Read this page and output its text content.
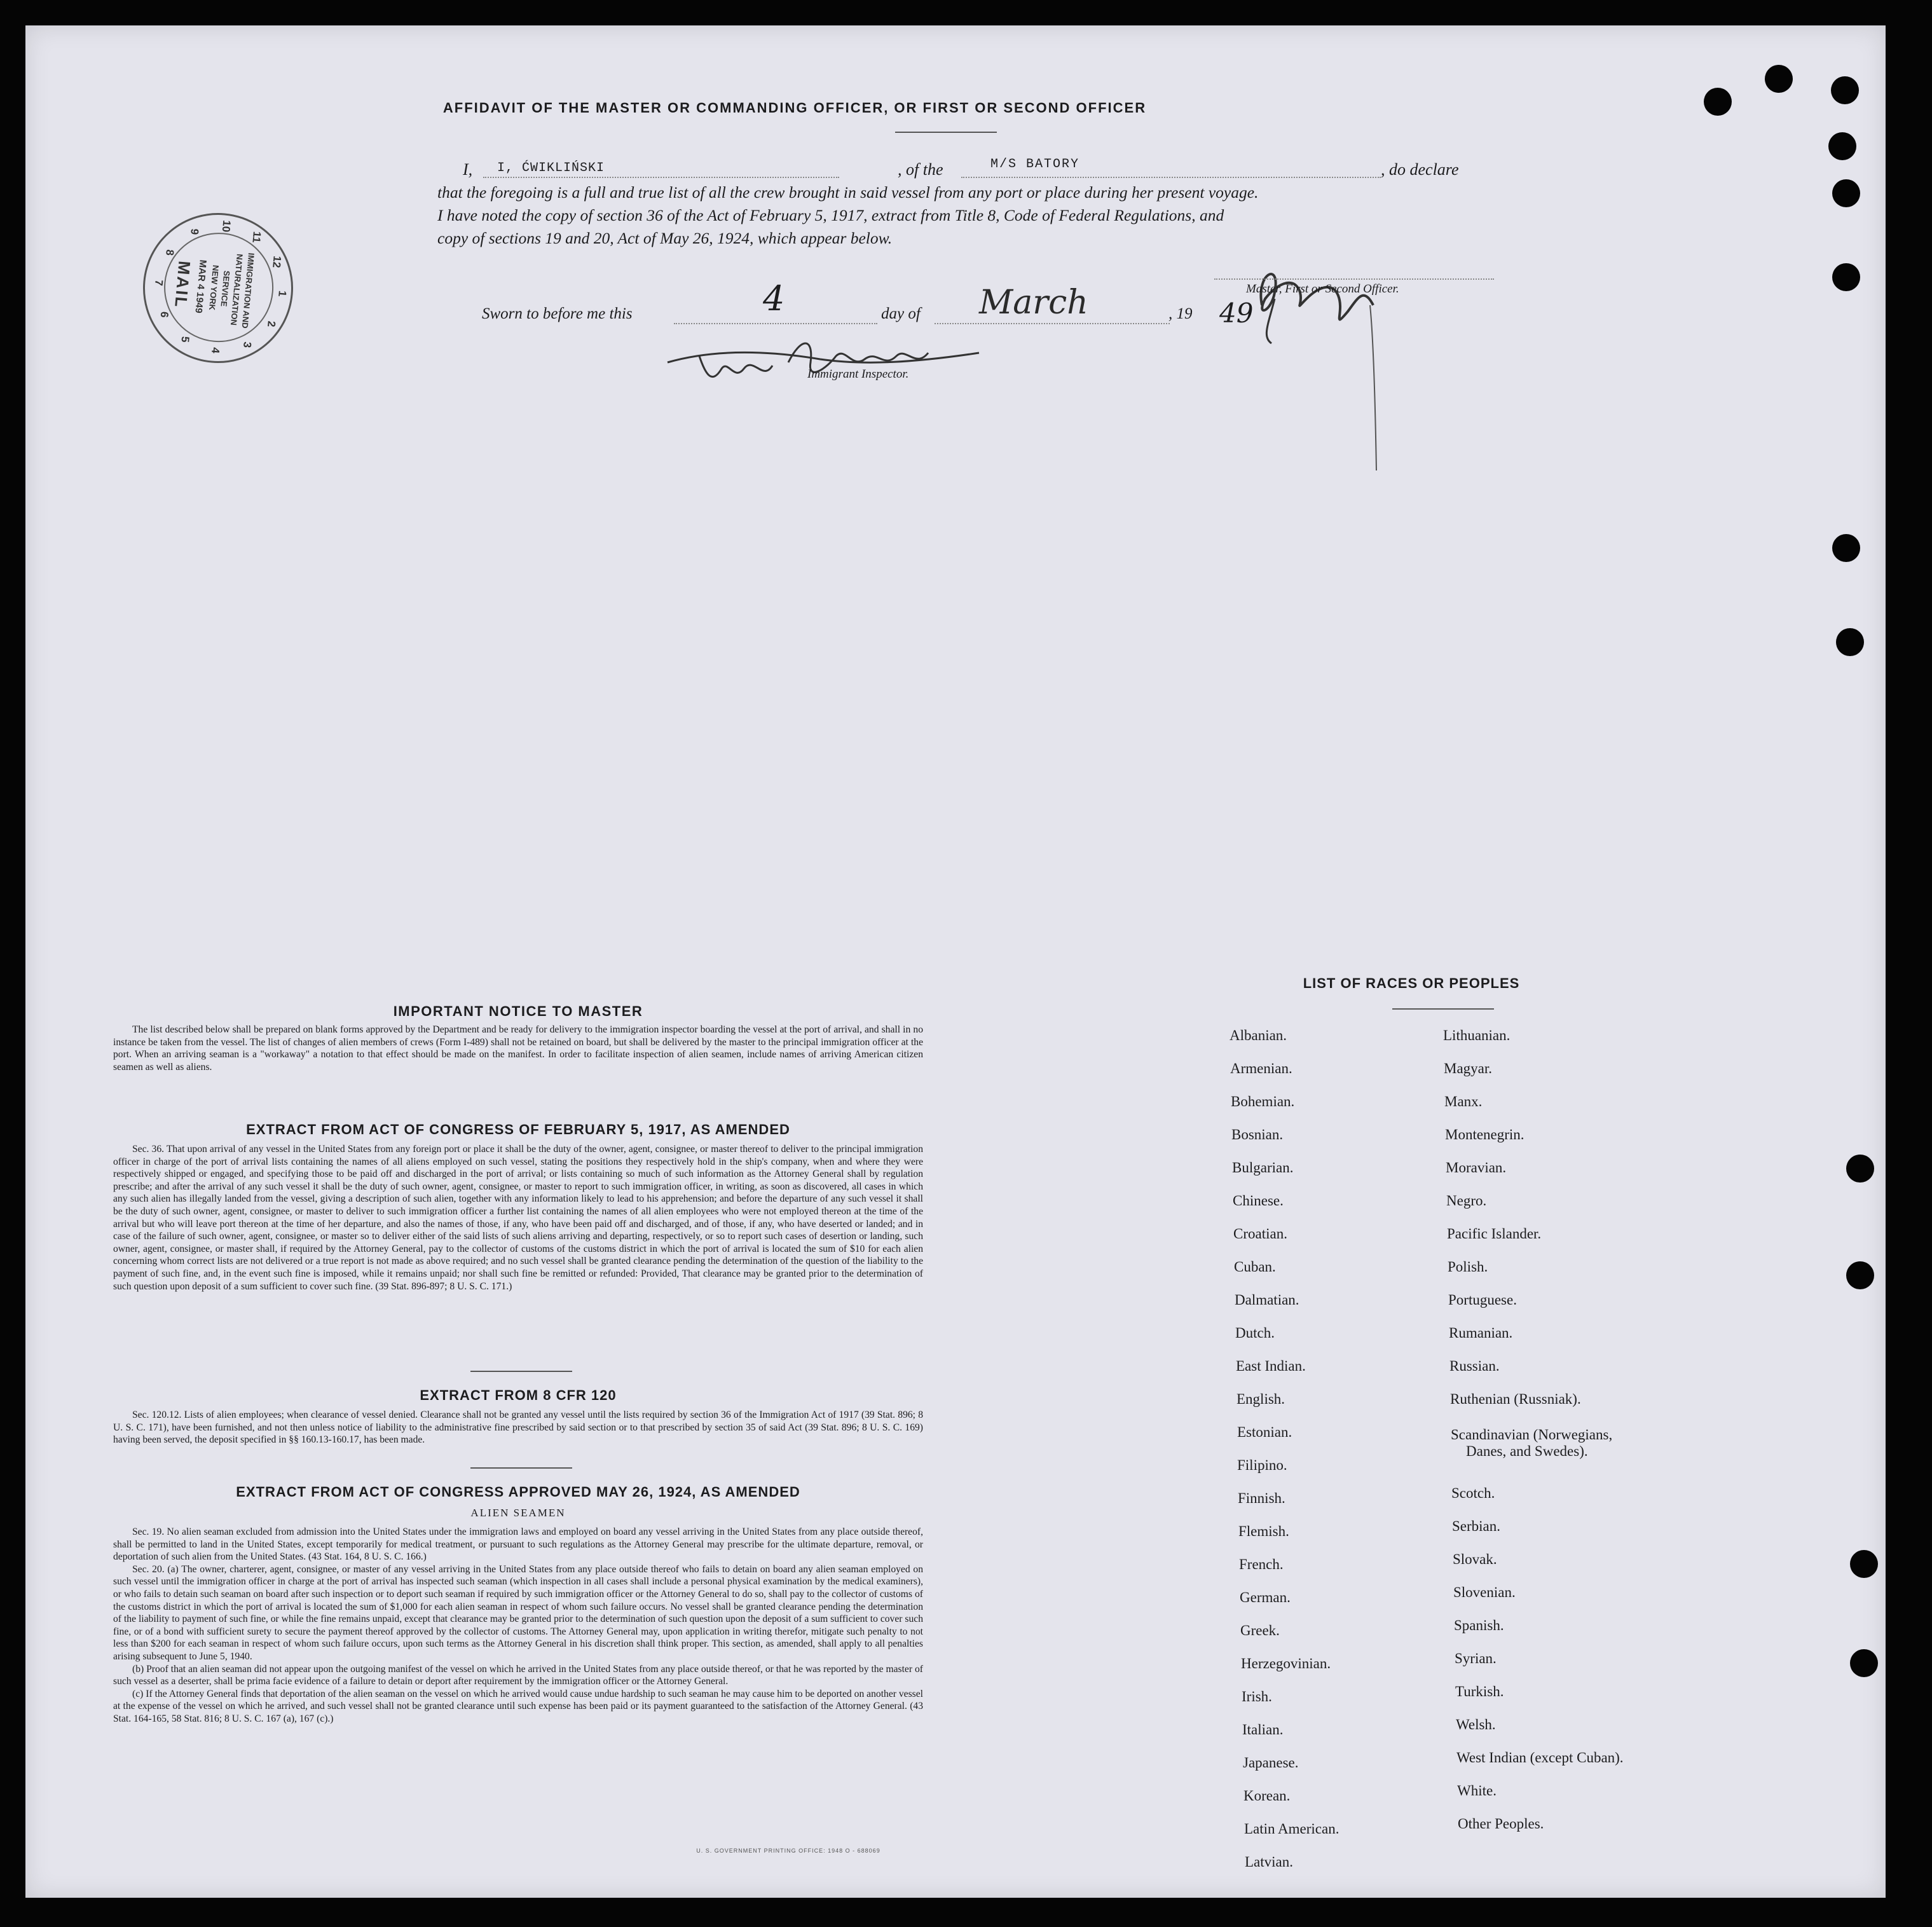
AFFIDAVIT OF THE MASTER OR COMMANDING OFFICER, OR FIRST OR SECOND OFFICER
I, I, ĆWIKLIŃSKI	, of the	M/S BATORY	, do declare
that the foregoing is a full and true list of all the crew brought in said vessel from any port or place during her present voyage.
I have noted the copy of section 36 of the Act of February 5, 1917, extract from Title 8, Code of Federal Regulations, and
copy of sections 19 and 20, Act of May 26, 1924, which appear below.
Master, First or Second Officer.
Sworn to before me this	4	day of March	, 19 49
Immigrant Inspector.
IMMIGRATION AND
NATURALIZATION
SERVICE
NEW YORK
MAR 4 1949
MAIL	1
2
3
4
5
6
7
8
9 10
11
12
IMPORTANT NOTICE TO MASTER
The list described below shall be prepared on blank forms approved by the Department and be ready for delivery to the immigration inspector boarding the vessel at the port of arrival, and shall in no instance be taken from the vessel. The list of changes of alien members of crews (Form I-489) shall not be retained on board, but shall be delivered by the master to the principal immigration officer at the port. When an arriving seaman is a "workaway" a notation to that effect should be made on the manifest. In order to facilitate inspection of alien seamen, include names of arriving American citizen seamen as well as aliens.
EXTRACT FROM ACT OF CONGRESS OF FEBRUARY 5, 1917, AS AMENDED
Sec. 36. That upon arrival of any vessel in the United States from any foreign port or place it shall be the duty of the owner, agent, consignee, or master thereof to deliver to the principal immigration officer in charge of the port of arrival lists containing the names of all aliens employed on such vessel, stating the positions they respectively hold in the ship's company, when and where they were respectively shipped or engaged, and specifying those to be paid off and discharged in the port of arrival; or lists containing so much of such information as the Attorney General shall by regulation prescribe; and after the arrival of any such vessel it shall be the duty of such owner, agent, consignee, or master to report to such immigration officer, in writing, as soon as discovered, all cases in which any such alien has illegally landed from the vessel, giving a description of such alien, together with any information likely to lead to his apprehension; and before the departure of any such vessel it shall be the duty of such owner, agent, consignee, or master to deliver to such immigration officer a further list containing the names of all alien employees who were not employed thereon at the time of the arrival but who will leave port thereon at the time of her departure, and also the names of those, if any, who have been paid off and discharged, and of those, if any, who have deserted or landed; and in case of the failure of such owner, agent, consignee, or master so to deliver either of the said lists of such aliens arriving and departing, respectively, or so to report such cases of desertion or landing, such owner, agent, consignee, or master shall, if required by the Attorney General, pay to the collector of customs of the customs district in which the port of arrival is located the sum of $10 for each alien concerning whom correct lists are not delivered or a true report is not made as above required; and no such vessel shall be granted clearance pending the determination of the question of the liability to the payment of such fine, and, in the event such fine is imposed, while it remains unpaid; nor shall such fine be remitted or refunded: Provided, That clearance may be granted prior to the determination of such question upon deposit of a sum sufficient to cover such fine. (39 Stat. 896-897; 8 U. S. C. 171.)
EXTRACT FROM 8 CFR 120
Sec. 120.12. Lists of alien employees; when clearance of vessel denied. Clearance shall not be granted any vessel until the lists required by section 36 of the Immigration Act of 1917 (39 Stat. 896; 8 U. S. C. 171), have been furnished, and not then unless notice of liability to the administrative fine prescribed by said section or to that prescribed by section 35 of said Act (39 Stat. 896; 8 U. S. C. 169) having been served, the deposit specified in §§ 160.13-160.17, has been made.
EXTRACT FROM ACT OF CONGRESS APPROVED MAY 26, 1924, AS AMENDED
ALIEN SEAMEN
Sec. 19. No alien seaman excluded from admission into the United States under the immigration laws and employed on board any vessel arriving in the United States from any place outside thereof, shall be permitted to land in the United States, except temporarily for medical treatment, or pursuant to such regulations as the Attorney General may prescribe for the ultimate departure, removal, or deportation of such alien from the United States. (43 Stat. 164, 8 U. S. C. 166.)
Sec. 20. (a) The owner, charterer, agent, consignee, or master of any vessel arriving in the United States from any place outside thereof who fails to detain on board any alien seaman employed on such vessel until the immigration officer in charge at the port of arrival has inspected such seaman (which inspection in all cases shall include a personal physical examination by the medical examiners), or who fails to detain such seaman on board after such inspection or to deport such seaman if required by such immigration officer or the Attorney General to do so, shall pay to the collector of customs of the customs district in which the port of arrival is located the sum of $1,000 for each alien seaman in respect of whom such failure occurs. No vessel shall be granted clearance pending the determination of the liability to payment of such fine, or while the fine remains unpaid, except that clearance may be granted prior to the determination of such question upon the deposit of a sum sufficient to cover such fine, or of a bond with sufficient surety to secure the payment thereof approved by the collector of customs. The Attorney General may, upon application in writing therefor, mitigate such penalty to not less than $200 for each seaman in respect of whom such failure occurs, upon such terms as the Attorney General in his discretion shall think proper. This section, as amended, shall apply to all penalties arising subsequent to June 5, 1940.
(b) Proof that an alien seaman did not appear upon the outgoing manifest of the vessel on which he arrived in the United States from any place outside thereof, or that he was reported by the master of such vessel as a deserter, shall be prima facie evidence of a failure to detain or deport after requirement by the immigration officer or the Attorney General.
(c) If the Attorney General finds that deportation of the alien seaman on the vessel on which he arrived would cause undue hardship to such seaman he may cause him to be deported on another vessel at the expense of the vessel on which he arrived, and such vessel shall not be granted clearance until such expense has been paid or its payment guaranteed to the satisfaction of the Attorney General. (43 Stat. 164-165, 58 Stat. 816; 8 U. S. C. 167 (a), 167 (c).)
U. S. GOVERNMENT PRINTING OFFICE: 1948 O - 688069
LIST OF RACES OR PEOPLES
Albanian.
Armenian.
Bohemian.
Bosnian.
Bulgarian.
Chinese.
Croatian.
Cuban.
Dalmatian.
Dutch.
East Indian.
English.
Estonian.
Filipino.
Finnish.
Flemish.
French.
German.
Greek.
Herzegovinian.
Irish.
Italian.
Japanese.
Korean.
Latin American.
Latvian.
Lithuanian.
Magyar.
Manx.
Montenegrin.
Moravian.
Negro.
Pacific Islander.
Polish.
Portuguese.
Rumanian.
Russian.
Ruthenian (Russniak).
Scandinavian (Norwegians,
Danes, and Swedes).
Scotch.
Serbian.
Slovak.
Slovenian.
Spanish.
Syrian.
Turkish.
Welsh.
West Indian (except Cuban).
White.
Other Peoples.
